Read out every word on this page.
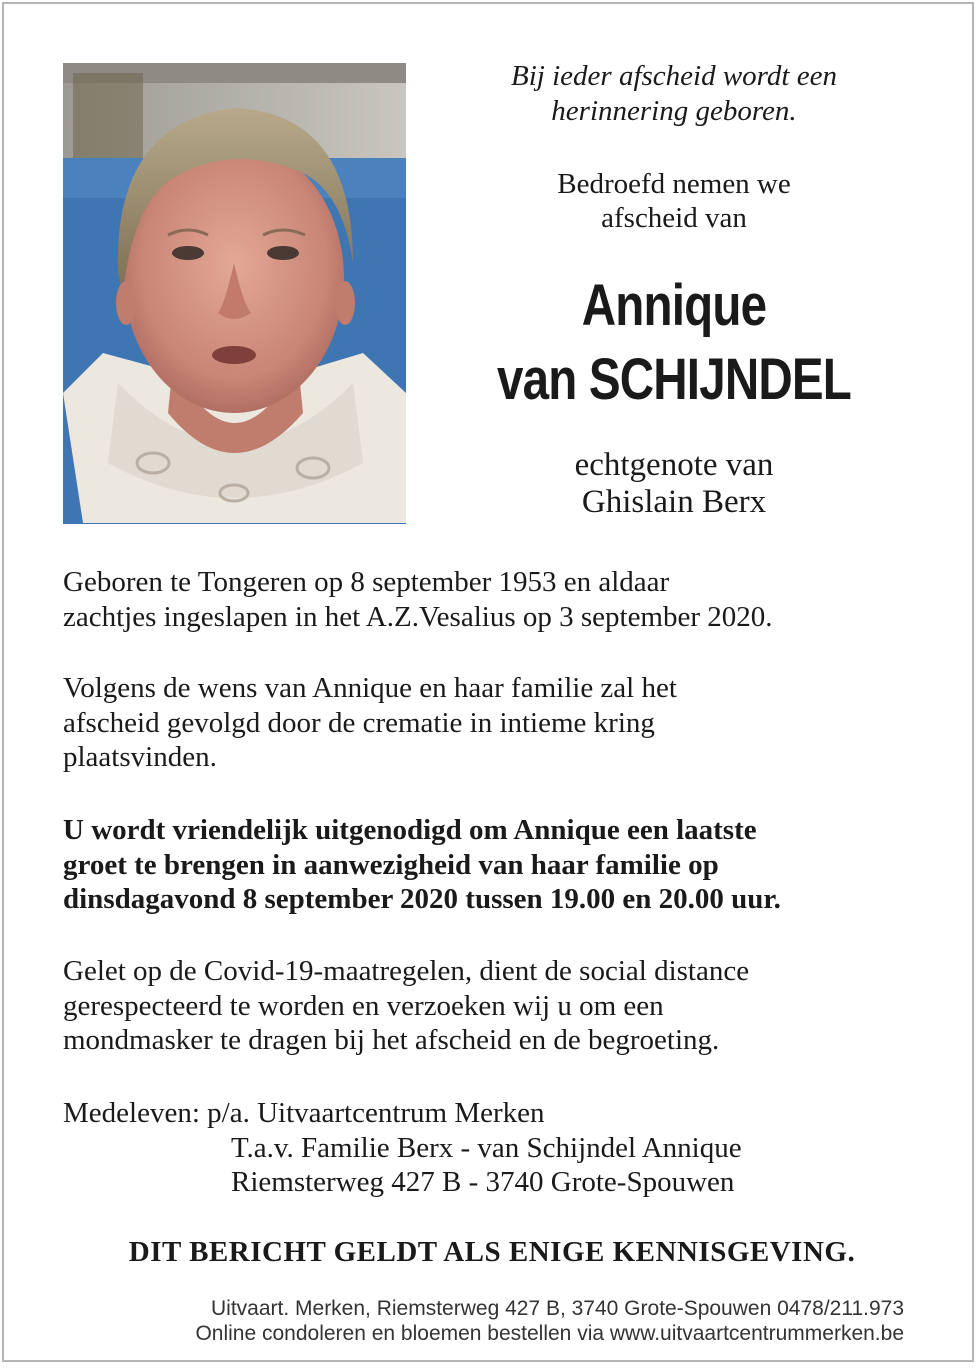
Bij ieder afscheid wordt een
herinnering geboren.

Bedroefd nemen we
afscheid van

Annique
van SCHIJNDEL

echtgenote van
Ghislain Berx

Geboren te Tongeren op 8 september 1953 en aldaar
zachtjes ingeslapen in het A.Z.Vesalius op 3 september 2020.

Volgens de wens van Annique en haar familie zal het
afscheid gevolgd door de crematie in intieme kring
plaatsvinden.

U wordt vriendelijk uitgenodigd om Annique een laatste
groet te brengen in aanwezigheid van haar familie op
dinsdagavond 8 september 2020 tussen 19.00 en 20.00 uur.

Gelet op de Covid-19-maatregelen, dient de social distance
gerespecteerd te worden en verzoeken wij u om een
mondmasker te dragen bij het afscheid en de begroeting.

Medeleven: p/a. Uitvaartcentrum Merken
T.a.v. Familie Berx - van Schijndel Annique
Riemsterweg 427 B - 3740 Grote-Spouwen

DIT BERICHT GELDT ALS ENIGE KENNISGEVING.

Uitvaart. Merken, Riemsterweg 427 B, 3740 Grote-Spouwen 0478/211.973

Online condoleren en bloemen bestellen via www.uitvaartcentrummerken.be
